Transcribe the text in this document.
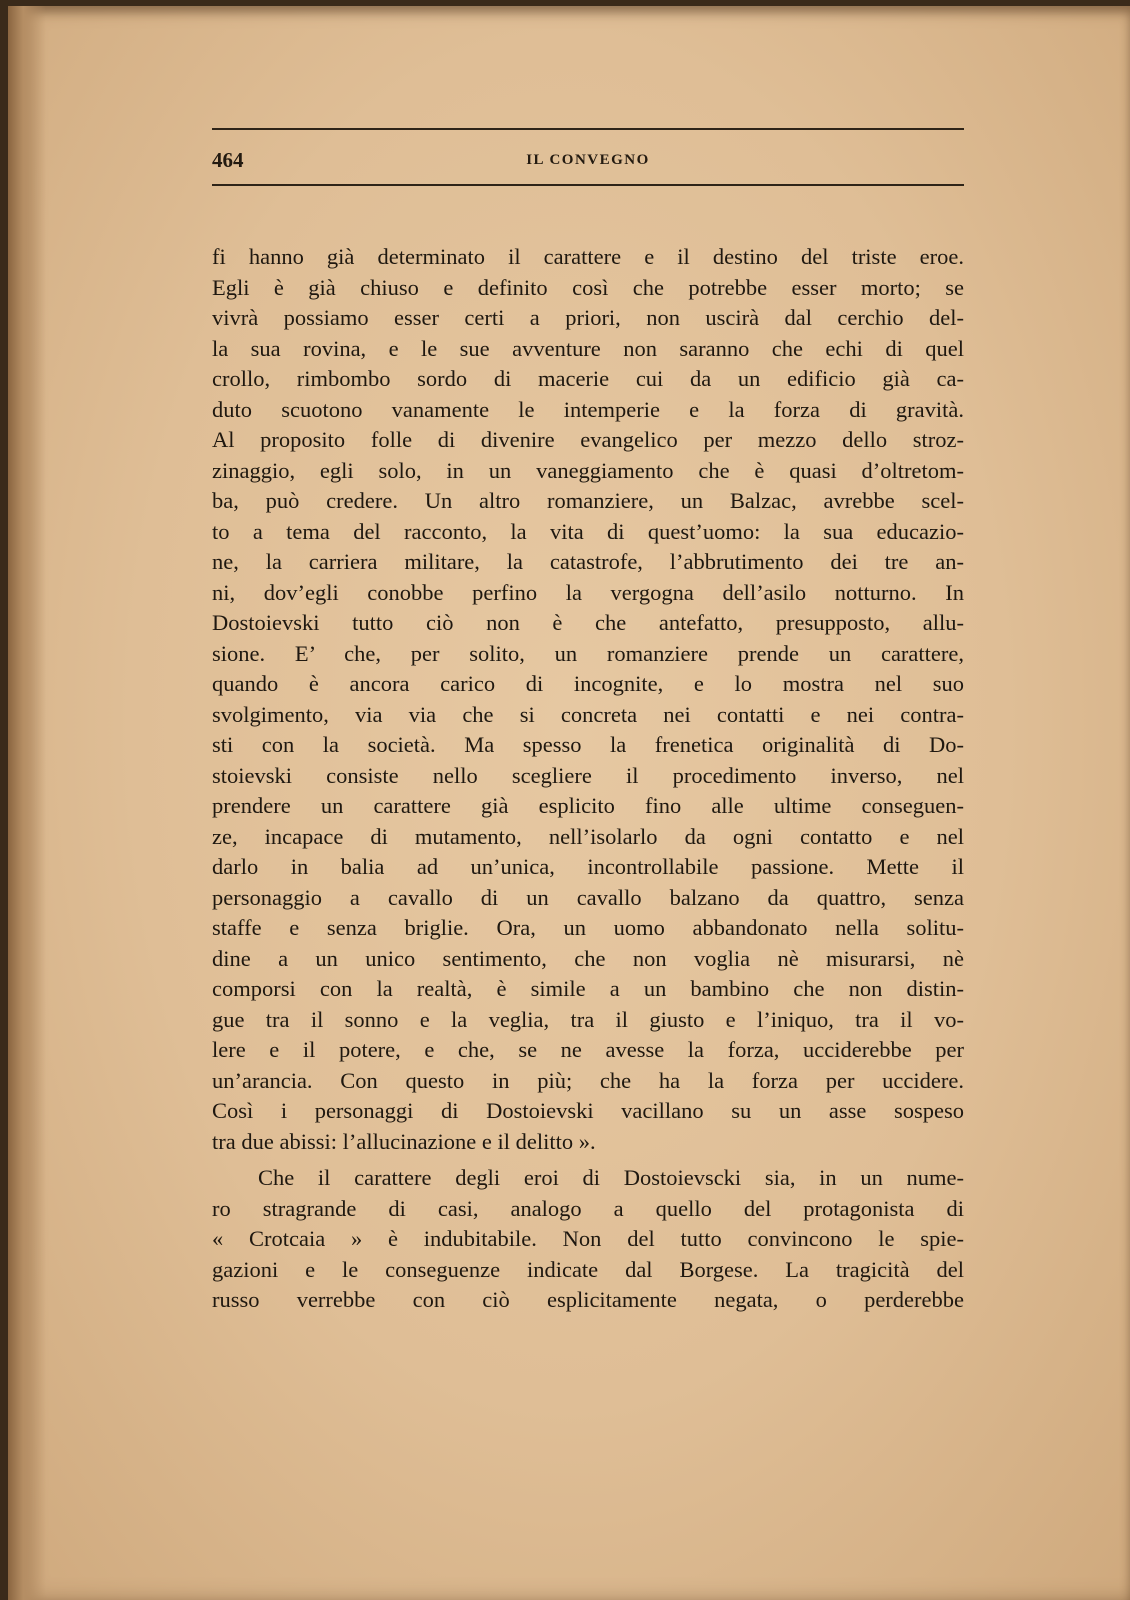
464	IL CONVEGNO
fi hanno già determinato il carattere e il destino del triste eroe.
Egli è già chiuso e definito così che potrebbe esser morto; se
vivrà possiamo esser certi a priori, non uscirà dal cerchio del-
la sua rovina, e le sue avventure non saranno che echi di quel
crollo, rimbombo sordo di macerie cui da un edificio già ca-
duto scuotono vanamente le intemperie e la forza di gravità.
Al proposito folle di divenire evangelico per mezzo dello stroz-
zinaggio, egli solo, in un vaneggiamento che è quasi d’oltretom-
ba, può credere. Un altro romanziere, un Balzac, avrebbe scel-
to a tema del racconto, la vita di quest’uomo: la sua educazio-
ne, la carriera militare, la catastrofe, l’abbrutimento dei tre an-
ni, dov’egli conobbe perfino la vergogna dell’asilo notturno. In
Dostoievski tutto ciò non è che antefatto, presupposto, allu-
sione. E’ che, per solito, un romanziere prende un carattere,
quando è ancora carico di incognite, e lo mostra nel suo
svolgimento, via via che si concreta nei contatti e nei contra-
sti con la società. Ma spesso la frenetica originalità di Do-
stoievski consiste nello scegliere il procedimento inverso, nel
prendere un carattere già esplicito fino alle ultime conseguen-
ze, incapace di mutamento, nell’isolarlo da ogni contatto e nel
darlo in balia ad un’unica, incontrollabile passione. Mette il
personaggio a cavallo di un cavallo balzano da quattro, senza
staffe e senza briglie. Ora, un uomo abbandonato nella solitu-
dine a un unico sentimento, che non voglia nè misurarsi, nè
comporsi con la realtà, è simile a un bambino che non distin-
gue tra il sonno e la veglia, tra il giusto e l’iniquo, tra il vo-
lere e il potere, e che, se ne avesse la forza, ucciderebbe per
un’arancia. Con questo in più; che ha la forza per uccidere.
Così i personaggi di Dostoievski vacillano su un asse sospeso
tra due abissi: l’allucinazione e il delitto ».
Che il carattere degli eroi di Dostoievscki sia, in un nume-
ro stragrande di casi, analogo a quello del protagonista di
« Crotcaia » è indubitabile. Non del tutto convincono le spie-
gazioni e le conseguenze indicate dal Borgese. La tragicità del
russo verrebbe con ciò esplicitamente negata, o perderebbe
